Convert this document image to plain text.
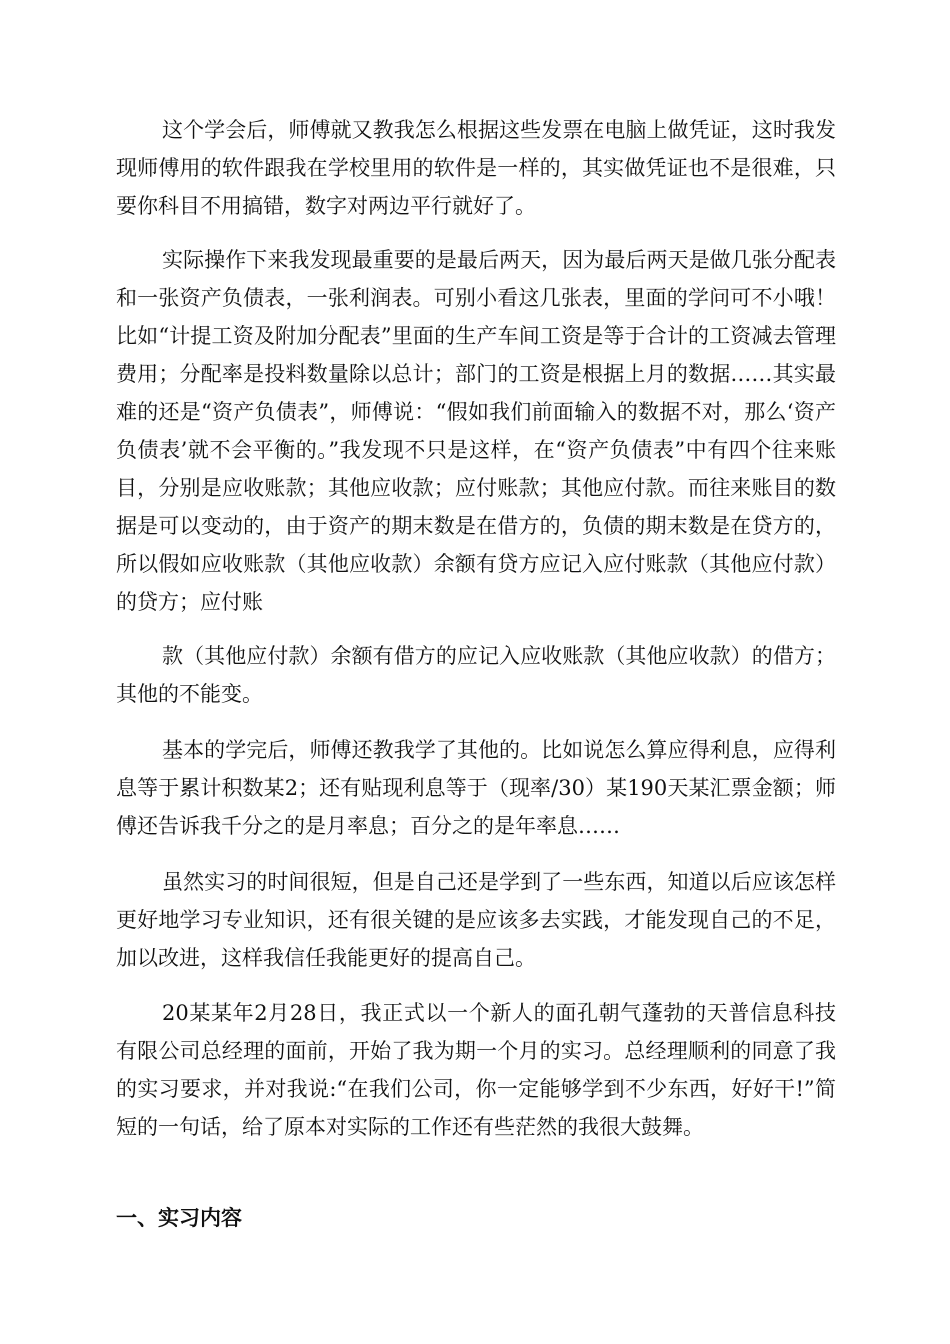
这个学会后，师傅就又教我怎么根据这些发票在电脑上做凭证，这时我发现师傅用的软件跟我在学校里用的软件是一样的，其实做凭证也不是很难，只要你科目不用搞错，数字对两边平行就好了。

实际操作下来我发现最重要的是最后两天，因为最后两天是做几张分配表和一张资产负债表，一张利润表。可别小看这几张表，里面的学问可不小哦！比如“计提工资及附加分配表”里面的生产车间工资是等于合计的工资减去管理费用；分配率是投料数量除以总计；部门的工资是根据上月的数据……其实最难的还是“资产负债表”，师傅说：“假如我们前面输入的数据不对，那么‘资产负债表’就不会平衡的。”我发现不只是这样，在“资产负债表”中有四个往来账目，分别是应收账款；其他应收款；应付账款；其他应付款。而往来账目的数据是可以变动的，由于资产的期末数是在借方的，负债的期末数是在贷方的，所以假如应收账款（其他应收款）余额有贷方应记入应付账款（其他应付款）的贷方；应付账

款（其他应付款）余额有借方的应记入应收账款（其他应收款）的借方；其他的不能变。

基本的学完后，师傅还教我学了其他的。比如说怎么算应得利息，应得利息等于累计积数某2；还有贴现利息等于（现率/30）某190天某汇票金额；师傅还告诉我千分之的是月率息；百分之的是年率息……

虽然实习的时间很短，但是自己还是学到了一些东西，知道以后应该怎样更好地学习专业知识，还有很关键的是应该多去实践，才能发现自己的不足，加以改进，这样我信任我能更好的提高自己。

20某某年2月28日，我正式以一个新人的面孔朝气蓬勃的天普信息科技有限公司总经理的面前，开始了我为期一个月的实习。总经理顺利的同意了我的实习要求，并对我说:“在我们公司，你一定能够学到不少东西，好好干!”简短的一句话，给了原本对实际的工作还有些茫然的我很大鼓舞。

一、实习内容
